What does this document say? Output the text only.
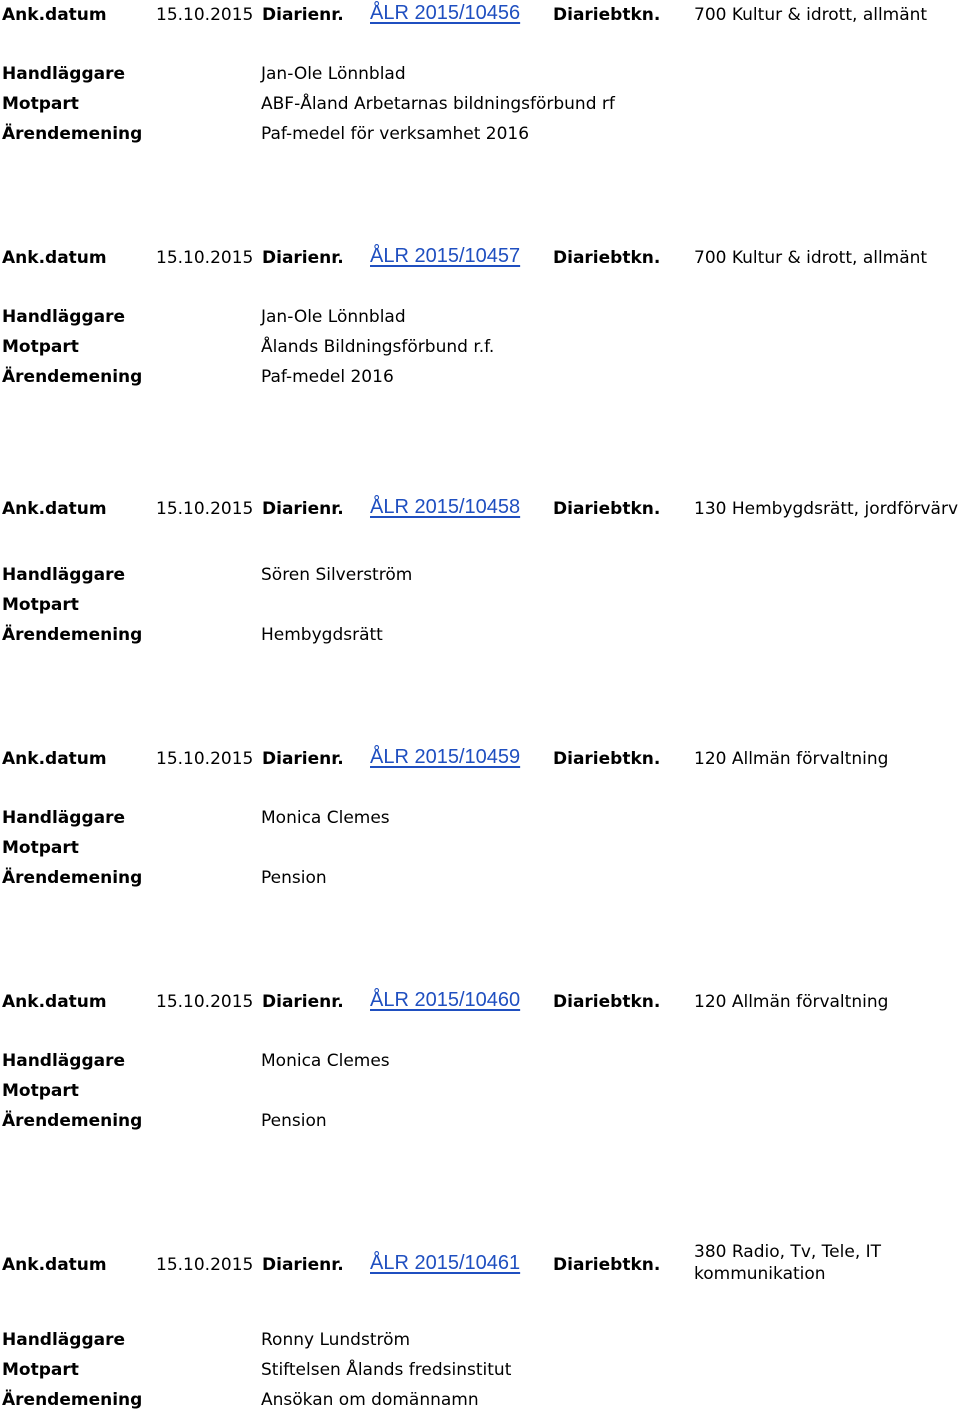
Ank.datum	15.10.2015 Diarienr. ÅLR 2015/10456 Diariebtkn. 700 Kultur & idrott, allmänt
Handläggare	Jan-Ole Lönnblad
Motpart	ABF-Åland Arbetarnas bildningsförbund rf
Ärendemening	Paf-medel för verksamhet 2016
Ank.datum	15.10.2015 Diarienr. ÅLR 2015/10457 Diariebtkn. 700 Kultur & idrott, allmänt
Handläggare	Jan-Ole Lönnblad
Motpart	Ålands Bildningsförbund r.f.
Ärendemening	Paf-medel 2016
Ank.datum	15.10.2015 Diarienr. ÅLR 2015/10458 Diariebtkn. 130 Hembygdsrätt, jordförvärv
Handläggare	Sören Silverström
Motpart
Ärendemening	Hembygdsrätt
Ank.datum	15.10.2015 Diarienr. ÅLR 2015/10459 Diariebtkn. 120 Allmän förvaltning
Handläggare	Monica Clemes
Motpart
Ärendemening	Pension
Ank.datum	15.10.2015 Diarienr. ÅLR 2015/10460 Diariebtkn. 120 Allmän förvaltning
Handläggare	Monica Clemes
Motpart
Ärendemening	Pension
Ank.datum	15.10.2015 Diarienr. ÅLR 2015/10461 Diariebtkn.
380 Radio, Tv, Tele, IT kommunikation
Handläggare	Ronny Lundström
Motpart	Stiftelsen Ålands fredsinstitut
Ärendemening	Ansökan om domännamn
